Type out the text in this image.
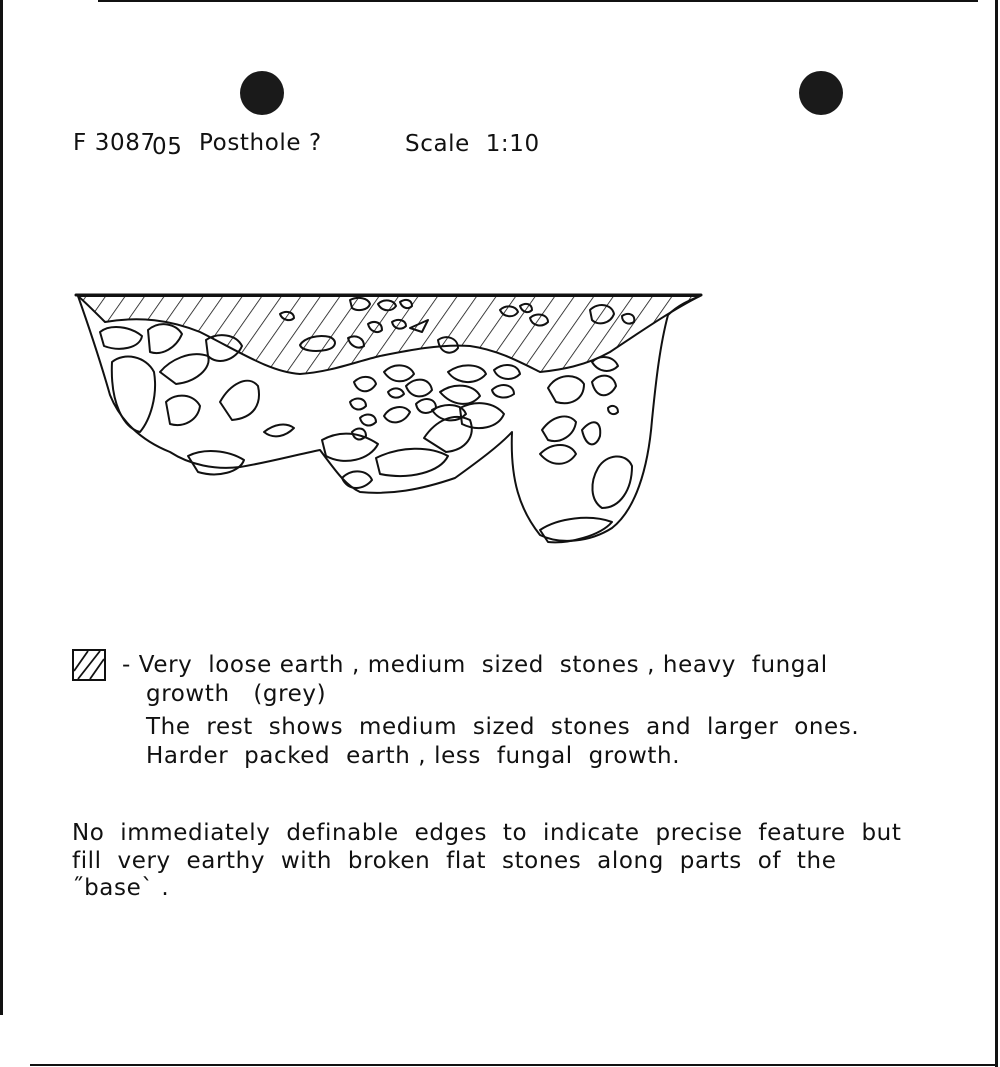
F 3087
05 Posthole ?	Scale  1:10
- Very  loose earth , medium  sized  stones , heavy  fungal
growth   (grey)
The  rest  shows  medium  sized  stones  and  larger  ones.
Harder  packed  earth , less  fungal  growth.
No  immediately  definable  edges  to  indicate  precise  feature  but
fill  very  earthy  with  broken  flat  stones  along  parts  of  the
˝baseˋ .
